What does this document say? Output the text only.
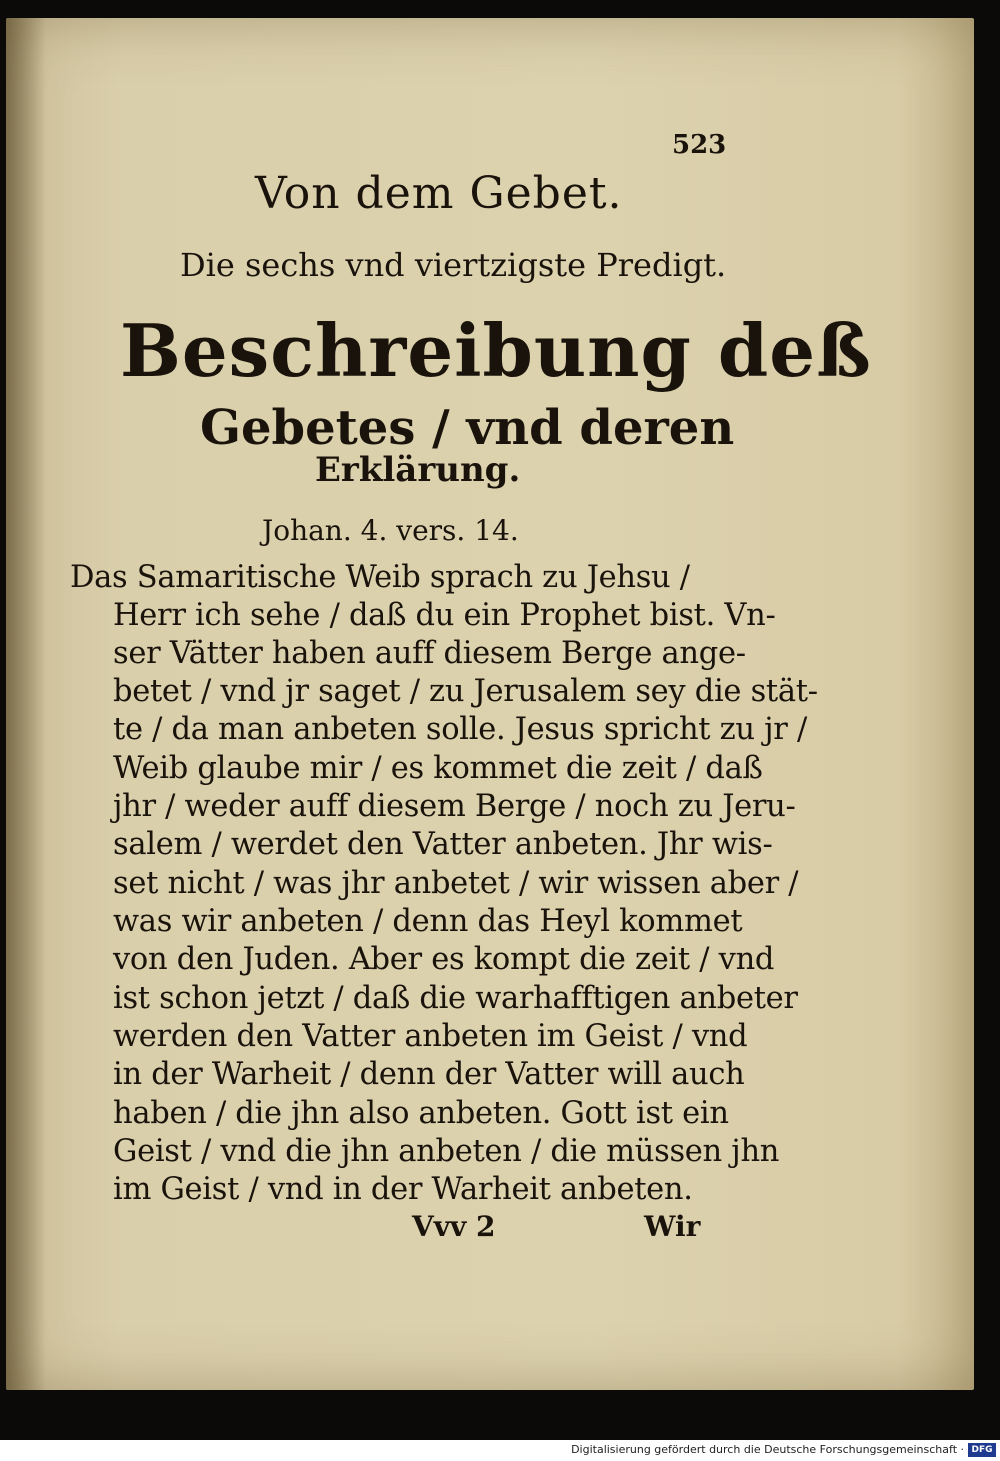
523
Von dem Gebet.
Die sechs vnd viertzigste Predigt.
Beschreibung deß
Gebetes / vnd deren
Erklärung.
Johan. 4. vers. 14.
Das Samaritische Weib sprach zu Jehsu /
Herr ich sehe / daß du ein Prophet bist. Vn-
ser Vätter haben auff diesem Berge ange-
betet / vnd jr saget / zu Jerusalem sey die stät-
te / da man anbeten solle. Jesus spricht zu jr /
Weib glaube mir / es kommet die zeit / daß
jhr / weder auff diesem Berge / noch zu Jeru-
salem / werdet den Vatter anbeten. Jhr wis-
set nicht / was jhr anbetet / wir wissen aber /
was wir anbeten / denn das Heyl kommet
von den Juden. Aber es kompt die zeit / vnd
ist schon jetzt / daß die warhafftigen anbeter
werden den Vatter anbeten im Geist / vnd
in der Warheit / denn der Vatter will auch
haben / die jhn also anbeten. Gott ist ein
Geist / vnd die jhn anbeten / die müssen jhn
im Geist / vnd in der Warheit anbeten.
Vvv 2	Wir
Digitalisierung gefördert durch die Deutsche Forschungsgemeinschaft · DFG
